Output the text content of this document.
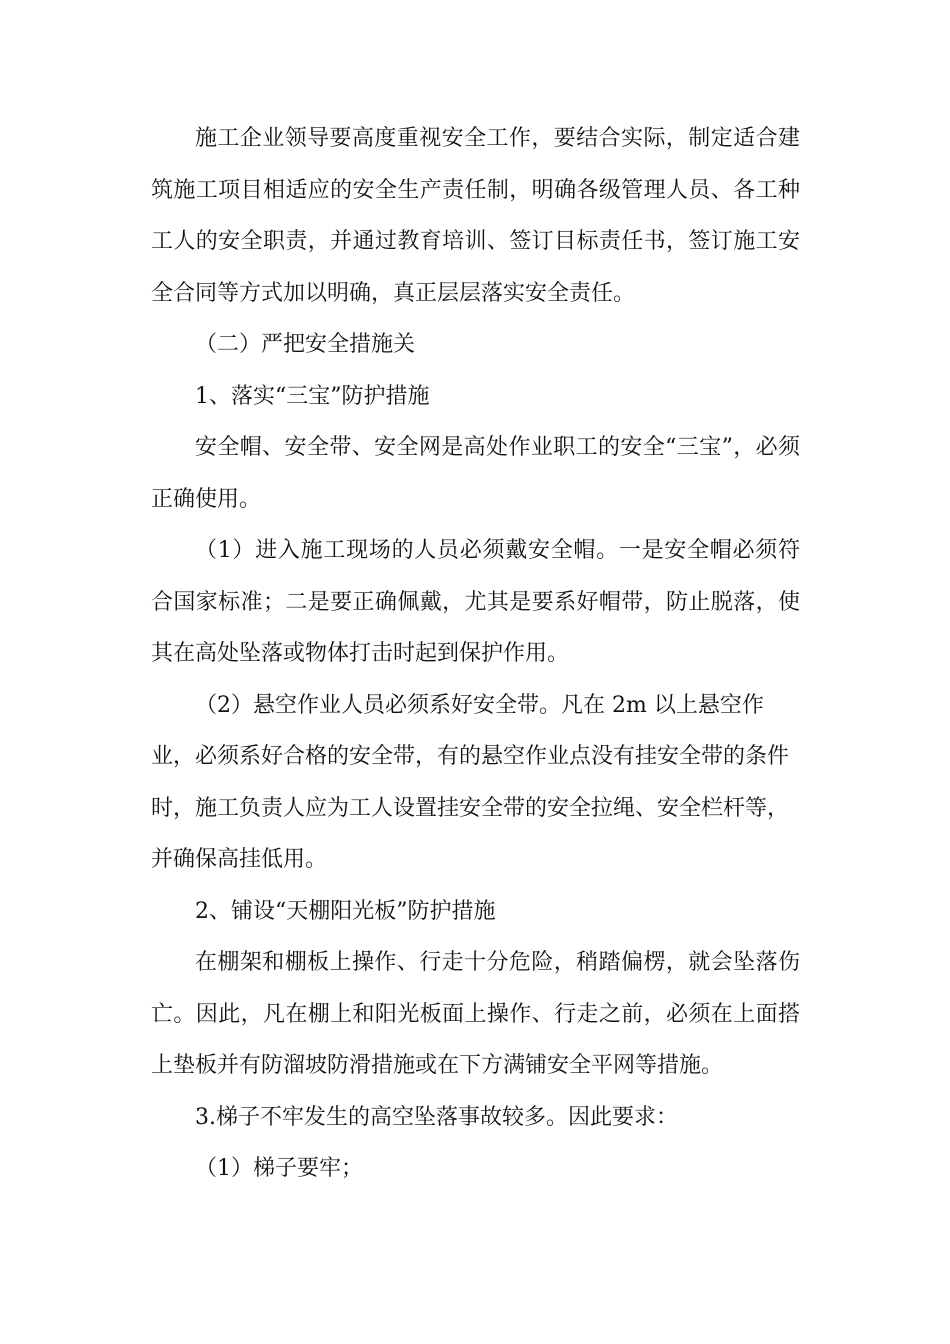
施工企业领导要高度重视安全工作，要结合实际，制定适合建筑施工项目相适应的安全生产责任制，明确各级管理人员、各工种工人的安全职责，并通过教育培训、签订目标责任书，签订施工安全合同等方式加以明确，真正层层落实安全责任。

（二）严把安全措施关

1、落实“三宝”防护措施

安全帽、安全带、安全网是高处作业职工的安全“三宝”，必须正确使用。

（1）进入施工现场的人员必须戴安全帽。一是安全帽必须符合国家标准；二是要正确佩戴，尤其是要系好帽带，防止脱落，使其在高处坠落或物体打击时起到保护作用。

（2）悬空作业人员必须系好安全带。凡在 2m 以上悬空作业，必须系好合格的安全带，有的悬空作业点没有挂安全带的条件时，施工负责人应为工人设置挂安全带的安全拉绳、安全栏杆等，并确保高挂低用。

2、铺设“天棚阳光板”防护措施

在棚架和棚板上操作、行走十分危险，稍踏偏楞，就会坠落伤亡。因此，凡在棚上和阳光板面上操作、行走之前，必须在上面搭上垫板并有防溜坡防滑措施或在下方满铺安全平网等措施。

3.梯子不牢发生的高空坠落事故较多。因此要求：

（1）梯子要牢；
